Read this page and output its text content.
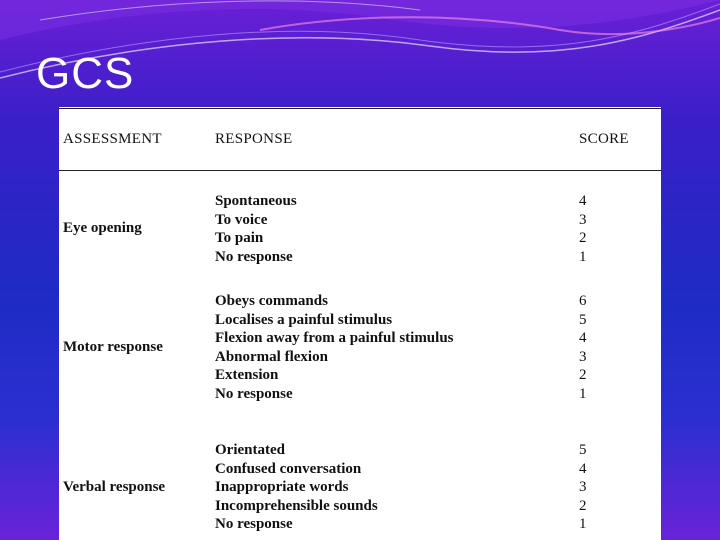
GCS
ASSESSMENT	RESPONSE	SCORE
Eye opening
Spontaneous
To voice
To pain
No response
4
3
2
1
Motor response
Obeys commands
Localises a painful stimulus
Flexion away from a painful stimulus
Abnormal flexion
Extension
No response
6
5
4
3
2
1
Verbal response
Orientated
Confused conversation
Inappropriate words
Incomprehensible sounds
No response
5
4
3
2
1
